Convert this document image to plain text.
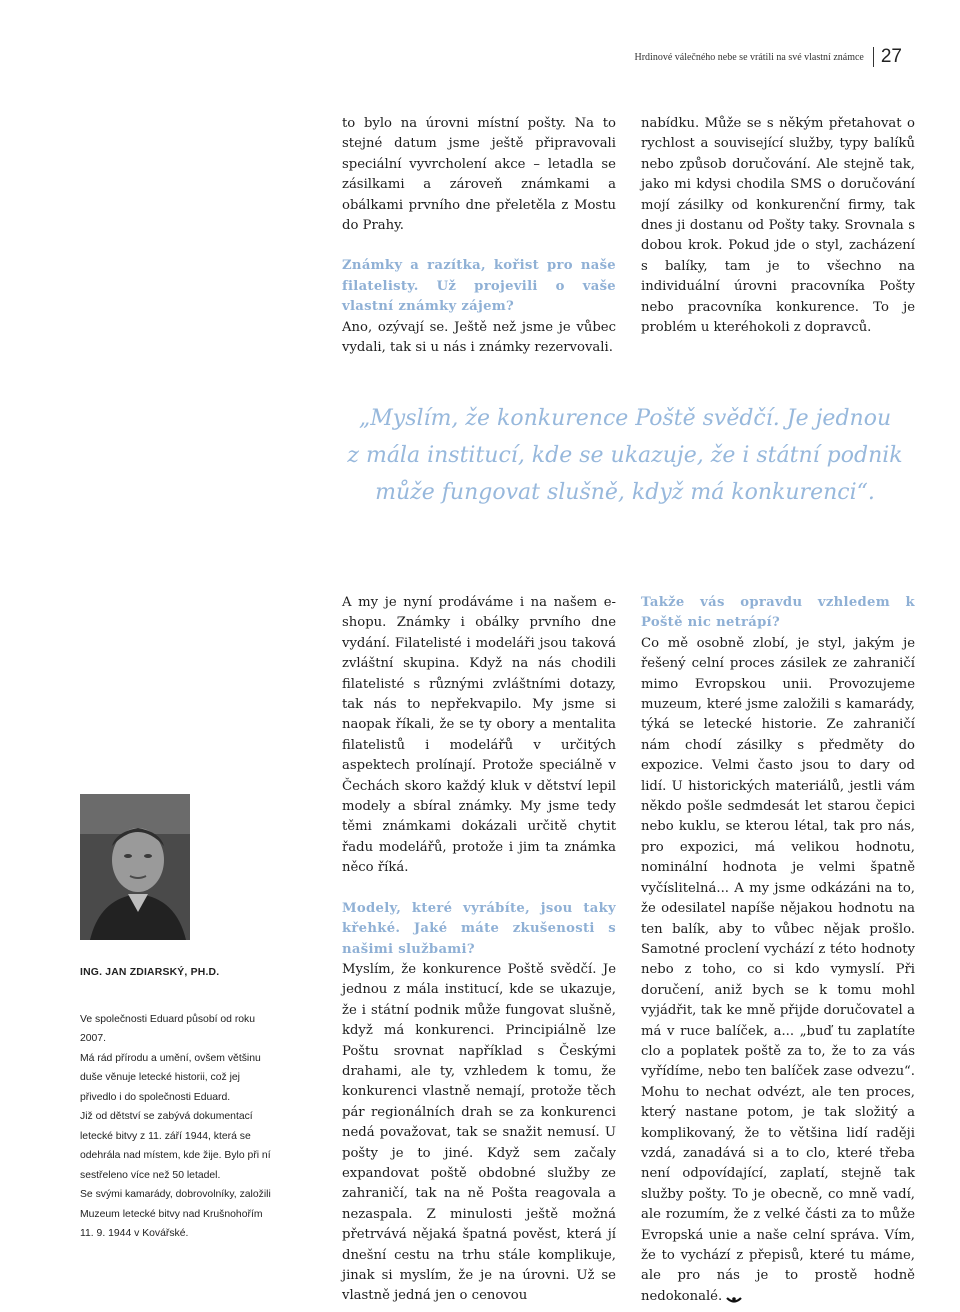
Hrdinové válečného nebe se vrátili na své vlastní známce 27

to bylo na úrovni místní pošty. Na to stejné datum jsme ještě připravovali speciální vyvrcholení akce – letadla se zásilkami a zároveň známkami a obálkami prvního dne přeletěla z Mostu do Prahy.

Známky a razítka, kořist pro naše filatelisty. Už projevili o vaše vlastní známky zájem?

Ano, ozývají se. Ještě než jsme je vůbec vydali, tak si u nás i známky rezervovali.

nabídku. Může se s někým přetahovat o rychlost a související služby, typy balíků nebo způsob doručování. Ale stejně tak, jako mi kdysi chodila SMS o doručování mojí zásilky od konkurenční firmy, tak dnes ji dostanu od Pošty taky. Srovnala s dobou krok. Pokud jde o styl, zacházení s balíky, tam je to všechno na individuální úrovni pracovníka Pošty nebo pracovníka konkurence. To je problém u kteréhokoli z dopravců.

„Myslím, že konkurence Poště svědčí. Je jednou
z mála institucí, kde se ukazuje, že i státní podnik
může fungovat slušně, když má konkurenci“.

ING. JAN ZDIARSKÝ, PH.D.

Ve společnosti Eduard působí od roku 2007.

Má rád přírodu a umění, ovšem většinu duše věnuje letecké historii, což jej přivedlo i do společnosti Eduard.

Již od dětství se zabývá dokumentací letecké bitvy z 11. září 1944, která se odehrála nad místem, kde žije. Bylo při ní sestřeleno více než 50 letadel.

Se svými kamarády, dobrovolníky, založili Muzeum letecké bitvy nad Krušnohořím 11. 9. 1944 v Kovářské.

A my je nyní prodáváme i na našem e-shopu. Známky i obálky prvního dne vydání. Filatelisté i modeláři jsou taková zvláštní skupina. Když na nás chodili filatelisté s různými zvláštními dotazy, tak nás to nepřekvapilo. My jsme si naopak říkali, že se ty obory a mentalita filatelistů i modelářů v určitých aspektech prolínají. Protože speciálně v Čechách skoro každý kluk v dětství lepil modely a sbíral známky. My jsme tedy těmi známkami dokázali určitě chytit řadu modelářů, protože i jim ta známka něco říká.

Modely, které vyrábíte, jsou taky křehké. Jaké máte zkušenosti s našimi službami?

Myslím, že konkurence Poště svědčí. Je jednou z mála institucí, kde se ukazuje, že i státní podnik může fungovat slušně, když má konkurenci. Principiálně lze Poštu srovnat například s Českými drahami, ale ty, vzhledem k tomu, že konkurenci vlastně nemají, protože těch pár regionálních drah se za konkurenci nedá považovat, tak se snažit nemusí. U pošty je to jiné. Když sem začaly expandovat poště obdobné služby ze zahraničí, tak na ně Pošta reagovala a nezaspala. Z minulosti ještě možná přetrvává nějaká špatná pověst, která jí dnešní cestu na trhu stále komplikuje, jinak si myslím, že je na úrovni. Už se vlastně jedná jen o cenovou

Takže vás opravdu vzhledem k Poště nic netrápí?

Co mě osobně zlobí, je styl, jakým je řešený celní proces zásilek ze zahraničí mimo Evropskou unii. Provozujeme muzeum, které jsme založili s kamarády, týká se letecké historie. Ze zahraničí nám chodí zásilky s předměty do expozice. Velmi často jsou to dary od lidí. U historických materiálů, jestli vám někdo pošle sedmdesát let starou čepici nebo kuklu, se kterou létal, tak pro nás, pro expozici, má velikou hodnotu, nominální hodnota je velmi špatně vyčíslitelná... A my jsme odkázáni na to, že odesilatel napíše nějakou hodnotu na ten balík, aby to vůbec nějak prošlo. Samotné proclení vychází z této hodnoty nebo z toho, co si kdo vymyslí. Při doručení, aniž bych se k tomu mohl vyjádřit, tak ke mně přijde doručovatel a má v ruce balíček, a... „buď tu zaplatíte clo a poplatek poště za to, že to za vás vyřídíme, nebo ten balíček zase odvezu“. Mohu to nechat odvézt, ale ten proces, který nastane potom, je tak složitý a komplikovaný, že to většina lidí raději vzdá, zanadává si a to clo, které třeba není odpovídající, zaplatí, stejně tak služby pošty. To je obecně, co mně vadí, ale rozumím, že z velké části za to může Evropská unie a naše celní správa. Vím, že to vychází z přepisů, které tu máme, ale pro nás je to prostě hodně nedokonalé.
